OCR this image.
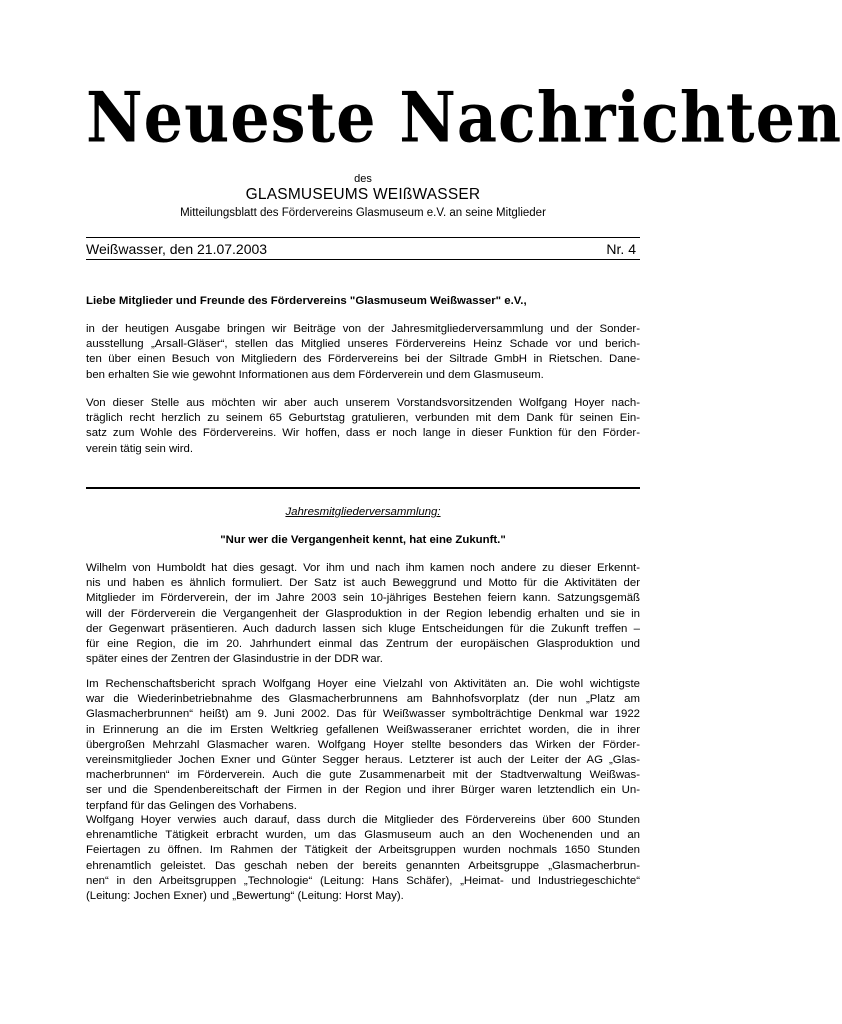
Neueste Nachrichten
des
GLASMUSEUMS WEIßWASSER
Mitteilungsblatt des Fördervereins Glasmuseum e.V. an seine Mitglieder
Weißwasser, den 21.07.2003	Nr. 4
Liebe Mitglieder und Freunde des Fördervereins "Glasmuseum Weißwasser" e.V.,
in der heutigen Ausgabe bringen wir Beiträge von der Jahresmitgliederversammlung und der Sonder-
ausstellung „Arsall-Gläser“, stellen das Mitglied unseres Fördervereins Heinz Schade vor und berich-
ten über einen Besuch von Mitgliedern des Fördervereins bei der Siltrade GmbH in Rietschen. Dane-
ben erhalten Sie wie gewohnt Informationen aus dem Förderverein und dem Glasmuseum.
Von dieser Stelle aus möchten wir aber auch unserem Vorstandsvorsitzenden Wolfgang Hoyer nach-
träglich recht herzlich zu seinem 65 Geburtstag gratulieren, verbunden mit dem Dank für seinen Ein-
satz zum Wohle des Fördervereins. Wir hoffen, dass er noch lange in dieser Funktion für den Förder-
verein tätig sein wird.
Jahresmitgliederversammlung:
"Nur wer die Vergangenheit kennt, hat eine Zukunft."
Wilhelm von Humboldt hat dies gesagt. Vor ihm und nach ihm kamen noch andere zu dieser Erkennt-
nis und haben es ähnlich formuliert. Der Satz ist auch Beweggrund und Motto für die Aktivitäten der
Mitglieder im Förderverein, der im Jahre 2003 sein 10-jähriges Bestehen feiern kann. Satzungsgemäß
will der Förderverein die Vergangenheit der Glasproduktion in der Region lebendig erhalten und sie in
der Gegenwart präsentieren. Auch dadurch lassen sich kluge Entscheidungen für die Zukunft treffen –
für eine Region, die im 20. Jahrhundert einmal das Zentrum der europäischen Glasproduktion und
später eines der Zentren der Glasindustrie in der DDR war.
Im Rechenschaftsbericht sprach Wolfgang Hoyer eine Vielzahl von Aktivitäten an. Die wohl wichtigste
war die Wiederinbetriebnahme des Glasmacherbrunnens am Bahnhofsvorplatz (der nun „Platz am
Glasmacherbrunnen“ heißt) am 9. Juni 2002. Das für Weißwasser symbolträchtige Denkmal war 1922
in Erinnerung an die im Ersten Weltkrieg gefallenen Weißwasseraner errichtet worden, die in ihrer
übergroßen Mehrzahl Glasmacher waren. Wolfgang Hoyer stellte besonders das Wirken der Förder-
vereinsmitglieder Jochen Exner und Günter Segger heraus. Letzterer ist auch der Leiter der AG „Glas-
macherbrunnen“ im Förderverein. Auch die gute Zusammenarbeit mit der Stadtverwaltung Weißwas-
ser und die Spendenbereitschaft der Firmen in der Region und ihrer Bürger waren letztendlich ein Un-
terpfand für das Gelingen des Vorhabens.
Wolfgang Hoyer verwies auch darauf, dass durch die Mitglieder des Fördervereins über 600 Stunden
ehrenamtliche Tätigkeit erbracht wurden, um das Glasmuseum auch an den Wochenenden und an
Feiertagen zu öffnen. Im Rahmen der Tätigkeit der Arbeitsgruppen wurden nochmals 1650 Stunden
ehrenamtlich geleistet. Das geschah neben der bereits genannten Arbeitsgruppe „Glasmacherbrun-
nen“ in den Arbeitsgruppen „Technologie“ (Leitung: Hans Schäfer), „Heimat- und Industriegeschichte“
(Leitung: Jochen Exner) und „Bewertung“ (Leitung: Horst May).
